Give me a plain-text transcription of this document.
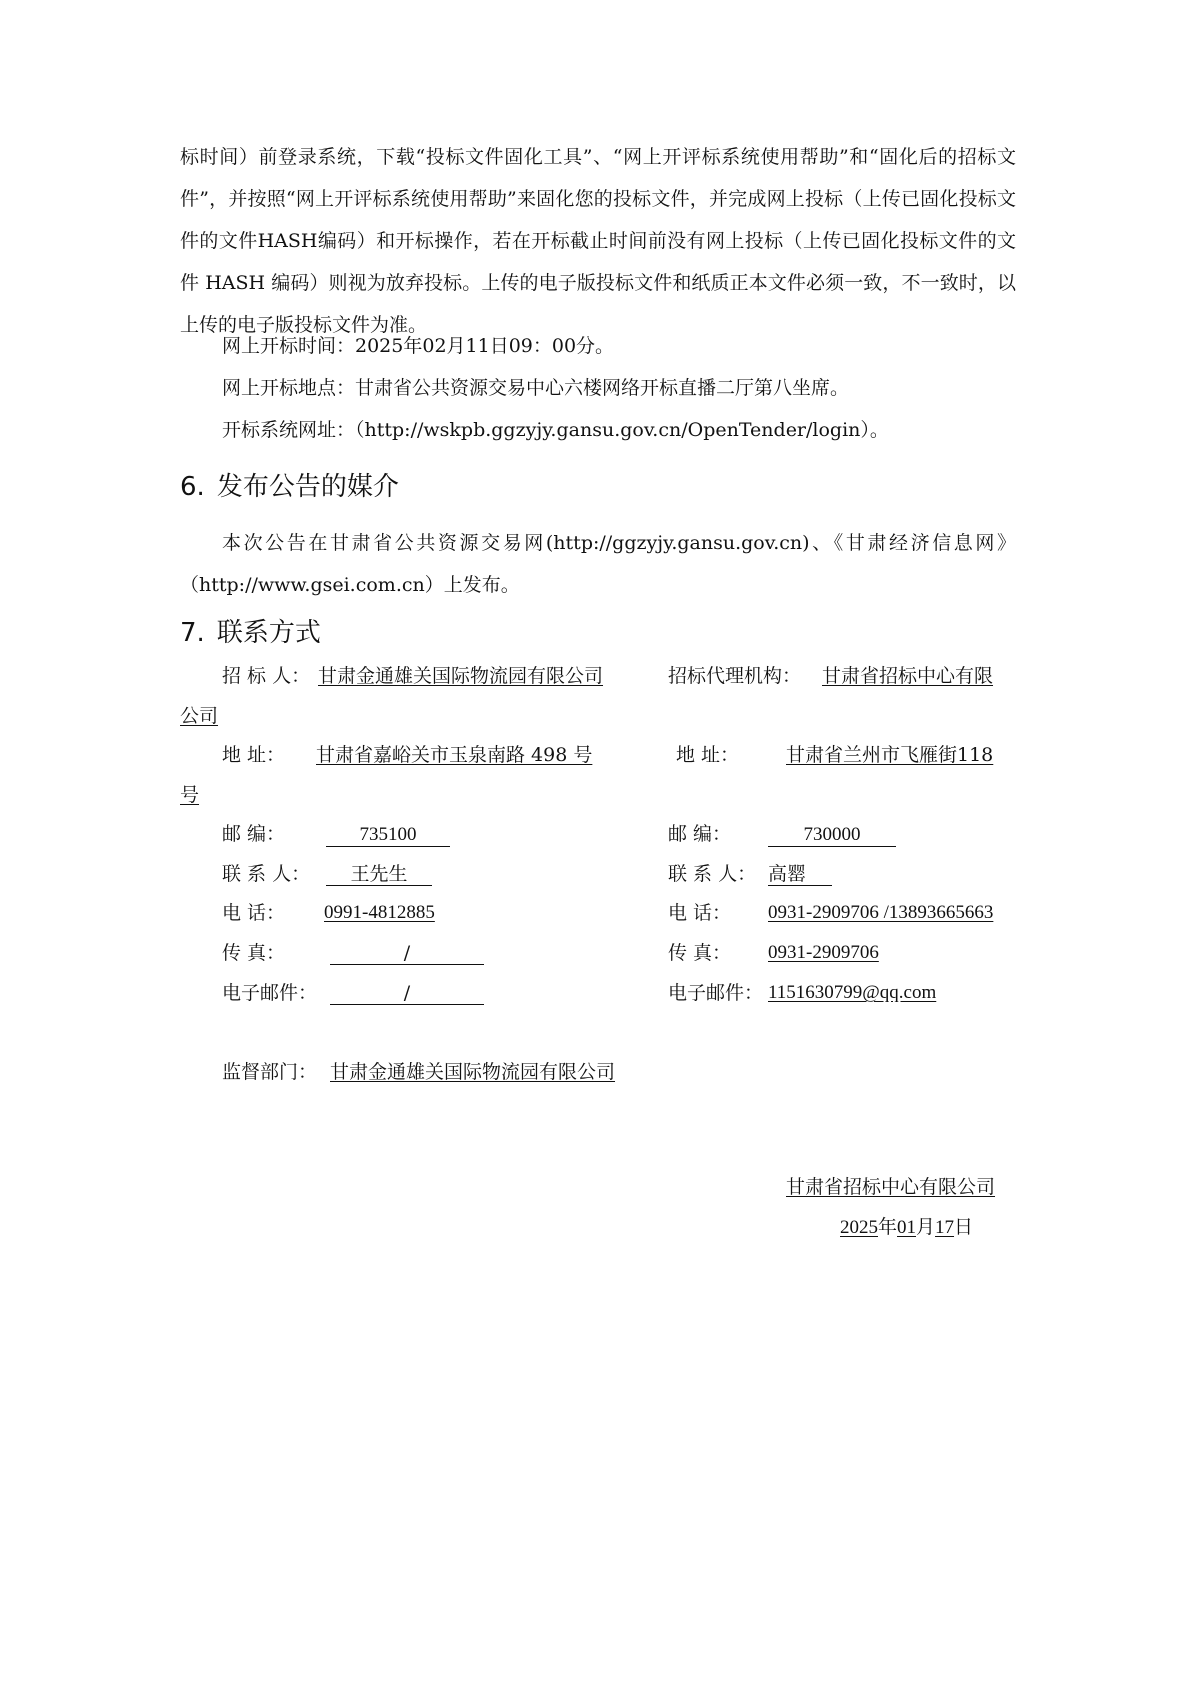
标时间）前登录系统，下载“投标文件固化工具”、“网上开评标系统使用帮助”和“固化后的招标文件”，并按照“网上开评标系统使用帮助”来固化您的投标文件，并完成网上投标（上传已固化投标文件的文件HASH编码）和开标操作，若在开标截止时间前没有网上投标（上传已固化投标文件的文件 HASH 编码）则视为放弃投标。上传的电子版投标文件和纸质正本文件必须一致，不一致时，以上传的电子版投标文件为准。
网上开标时间：2025年02月11日09：00分。
网上开标地点：甘肃省公共资源交易中心六楼网络开标直播二厅第八坐席。
开标系统网址：（http://wskpb.ggzyjy.gansu.gov.cn/OpenTender/login）。
6. 发布公告的媒介
本次公告在甘肃省公共资源交易网(http://ggzyjy.gansu.gov.cn)、《甘肃经济信息网》（http://www.gsei.com.cn）上发布。
7. 联系方式
招 标 人： 甘肃金通雄关国际物流园有限公司	招标代理机构： 甘肃省招标中心有限
公司
地 址： 甘肃省嘉峪关市玉泉南路 498 号	地 址： 甘肃省兰州市飞雁街118
号
邮 编：	735100	邮 编：	730000
联 系 人：	王先生	联 系 人： 高罂
电 话： 0991-4812885	电 话： 0931-2909706 /13893665663
传 真：	/	传 真： 0931-2909706
电子邮件：	/	电子邮件： 1151630799@qq.com
监督部门： 甘肃金通雄关国际物流园有限公司
甘肃省招标中心有限公司
2025年01月17日
